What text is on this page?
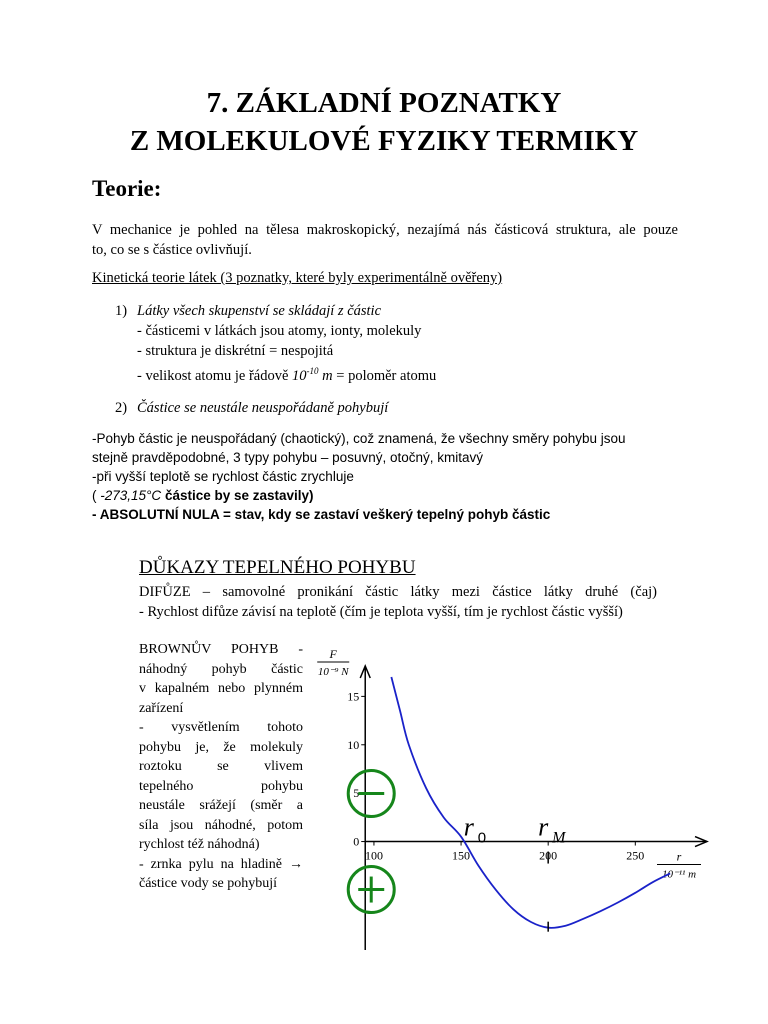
7. ZÁKLADNÍ POZNATKY
Z MOLEKULOVÉ FYZIKY TERMIKY
Teorie:
V mechanice je pohled na tělesa makroskopický, nezajímá nás částicová struktura, ale pouze
to, co se s částice ovlivňují.
Kinetická teorie látek (3 poznatky, které byly experimentálně ověřeny)
1) Látky všech skupenství se skládají z částic
- částicemi v látkách jsou atomy, ionty, molekuly
- struktura je diskrétní = nespojitá
- velikost atomu je řádově $10^{-10}$ m = poloměr atomu
2) Částice se neustále neuspořádaně pohybují
-Pohyb částic je neuspořádaný (chaotický), což znamená, že všechny směry pohybu jsou
stejně pravděpodobné, 3 typy pohybu – posuvný, otočný, kmitavý
-při vyšší teplotě se rychlost částic zrychluje
( -273,15°C částice by se zastavily)
- ABSOLUTNÍ NULA = stav, kdy se zastaví veškerý tepelný pohyb částic
DŮKAZY TEPELNÉHO POHYBU
DIFŮZE – samovolné pronikání částic látky mezi částice látky druhé (čaj)
- Rychlost difůze závisí na teplotě (čím je teplota vyšší, tím je rychlost částic vyšší)
BROWNŮV POHYB -
náhodný pohyb částic
v kapalném nebo plynném
zařízení
- vysvětlením tohoto
pohybu je, že molekuly
roztoku se vlivem
tepelného pohybu
neustále srážejí (směr a
síla jsou náhodné, potom
rychlost též náhodná)
- zrnka pylu na hladině →
částice vody se pohybují
0
5
10
15
100	150	200	250
F
10⁻⁹ N
r
10⁻¹¹ m
r 0 r M
